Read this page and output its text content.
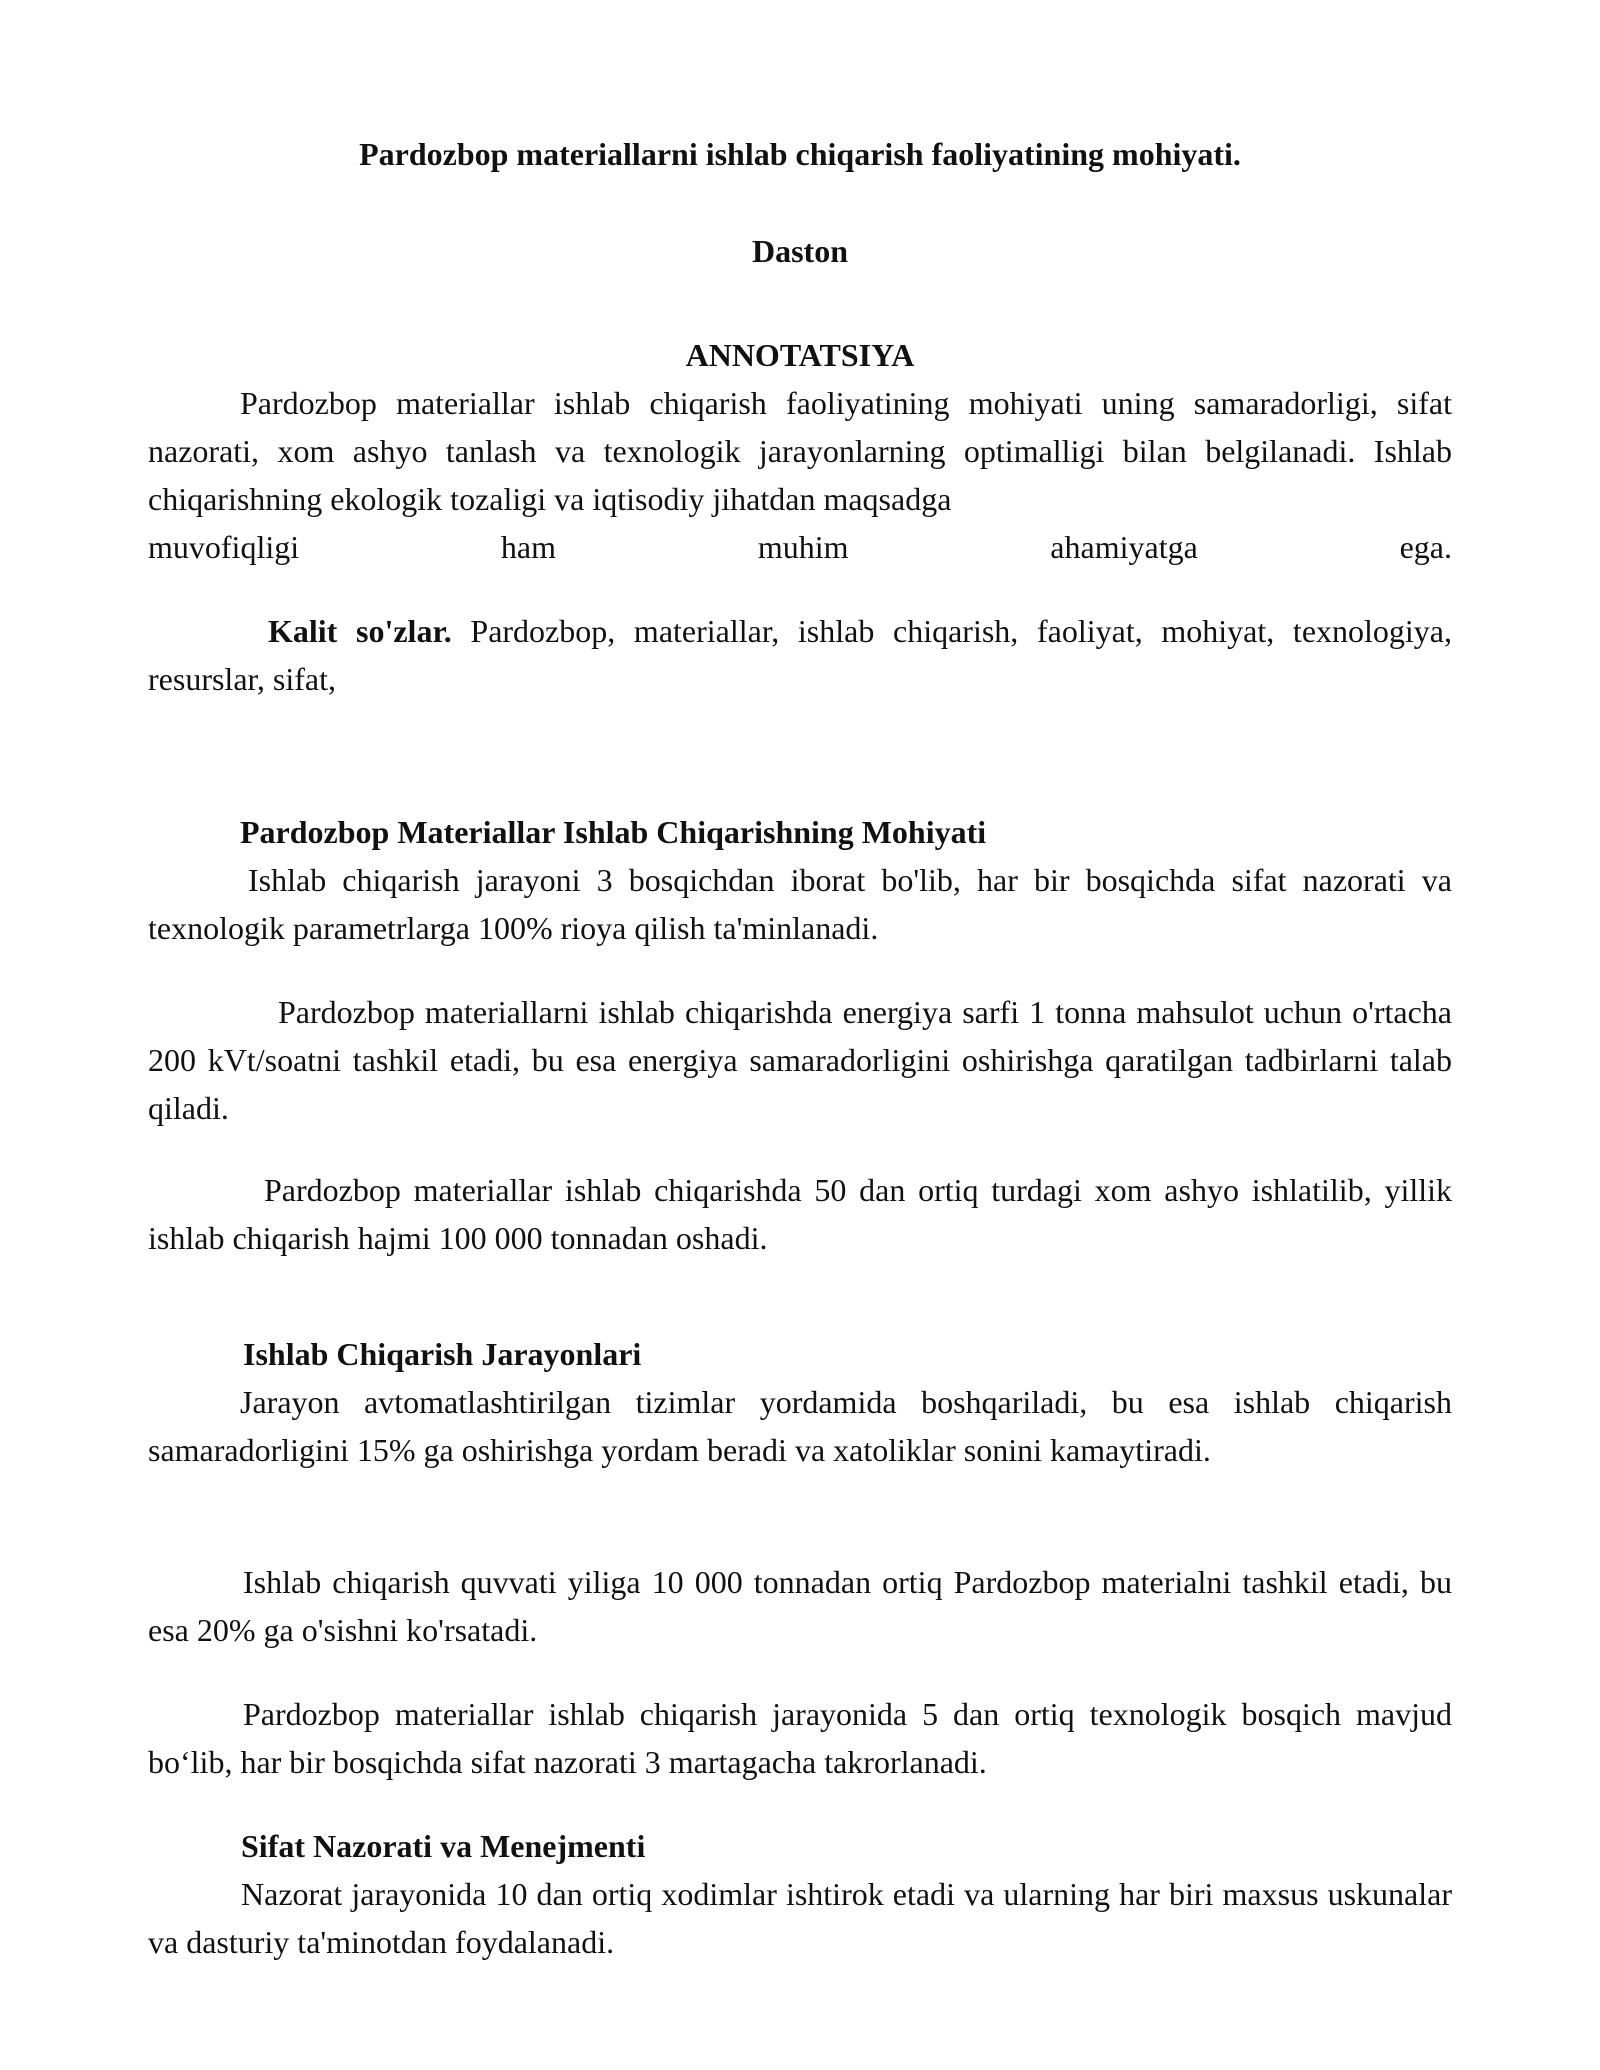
Pardozbop materiallarni ishlab chiqarish faoliyatining mohiyati.

Daston

ANNOTATSIYA

Pardozbop materiallar ishlab chiqarish faoliyatining mohiyati uning samaradorligi, sifat nazorati, xom ashyo tanlash va texnologik jarayonlarning optimalligi bilan belgilanadi. Ishlab chiqarishning ekologik tozaligi va iqtisodiy jihatdan maqsadga

muvofiqligi ham muhim ahamiyatga ega.

Kalit so'zlar. Pardozbop, materiallar, ishlab chiqarish, faoliyat, mohiyat, texnologiya, resurslar, sifat,

Pardozbop Materiallar Ishlab Chiqarishning Mohiyati

Ishlab chiqarish jarayoni 3 bosqichdan iborat bo'lib, har bir bosqichda sifat nazorati va texnologik parametrlarga 100% rioya qilish ta'minlanadi.

Pardozbop materiallarni ishlab chiqarishda energiya sarfi 1 tonna mahsulot uchun o'rtacha 200 kVt/soatni tashkil etadi, bu esa energiya samaradorligini oshirishga qaratilgan tadbirlarni talab qiladi.

Pardozbop materiallar ishlab chiqarishda 50 dan ortiq turdagi xom ashyo ishlatilib, yillik ishlab chiqarish hajmi 100 000 tonnadan oshadi.

Ishlab Chiqarish Jarayonlari

Jarayon avtomatlashtirilgan tizimlar yordamida boshqariladi, bu esa ishlab chiqarish samaradorligini 15% ga oshirishga yordam beradi va xatoliklar sonini kamaytiradi.

Ishlab chiqarish quvvati yiliga 10 000 tonnadan ortiq Pardozbop materialni tashkil etadi, bu esa 20% ga o'sishni ko'rsatadi.

Pardozbop materiallar ishlab chiqarish jarayonida 5 dan ortiq texnologik bosqich mavjud bo‘lib, har bir bosqichda sifat nazorati 3 martagacha takrorlanadi.

Sifat Nazorati va Menejmenti

Nazorat jarayonida 10 dan ortiq xodimlar ishtirok etadi va ularning har biri maxsus uskunalar va dasturiy ta'minotdan foydalanadi.
